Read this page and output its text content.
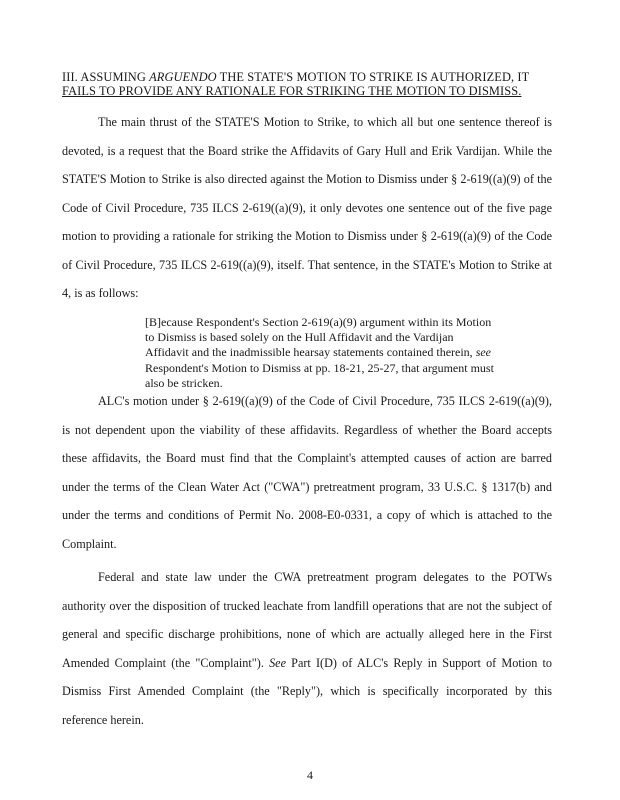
III. ASSUMING ARGUENDO THE STATE'S MOTION TO STRIKE IS AUTHORIZED, IT
FAILS TO PROVIDE ANY RATIONALE FOR STRIKING THE MOTION TO DISMISS.
The main thrust of the STATE'S Motion to Strike, to which all but one sentence thereof is devoted, is a request that the Board strike the Affidavits of Gary Hull and Erik Vardijan. While the STATE'S Motion to Strike is also directed against the Motion to Dismiss under § 2-619((a)(9) of the Code of Civil Procedure, 735 ILCS 2-619((a)(9), it only devotes one sentence out of the five page motion to providing a rationale for striking the Motion to Dismiss under § 2-619((a)(9) of the Code of Civil Procedure, 735 ILCS 2-619((a)(9), itself. That sentence, in the STATE's Motion to Strike at 4, is as follows:
[B]ecause Respondent's Section 2-619(a)(9) argument within its Motion to Dismiss is based solely on the Hull Affidavit and the Vardijan Affidavit and the inadmissible hearsay statements contained therein, see Respondent's Motion to Dismiss at pp. 18-21, 25-27, that argument must also be stricken.
ALC's motion under § 2-619((a)(9) of the Code of Civil Procedure, 735 ILCS 2-619((a)(9), is not dependent upon the viability of these affidavits. Regardless of whether the Board accepts these affidavits, the Board must find that the Complaint's attempted causes of action are barred under the terms of the Clean Water Act ("CWA") pretreatment program, 33 U.S.C. § 1317(b) and under the terms and conditions of Permit No. 2008-E0-0331, a copy of which is attached to the Complaint.
Federal and state law under the CWA pretreatment program delegates to the POTWs authority over the disposition of trucked leachate from landfill operations that are not the subject of general and specific discharge prohibitions, none of which are actually alleged here in the First Amended Complaint (the "Complaint"). See Part I(D) of ALC's Reply in Support of Motion to Dismiss First Amended Complaint (the "Reply"), which is specifically incorporated by this reference herein.
4
